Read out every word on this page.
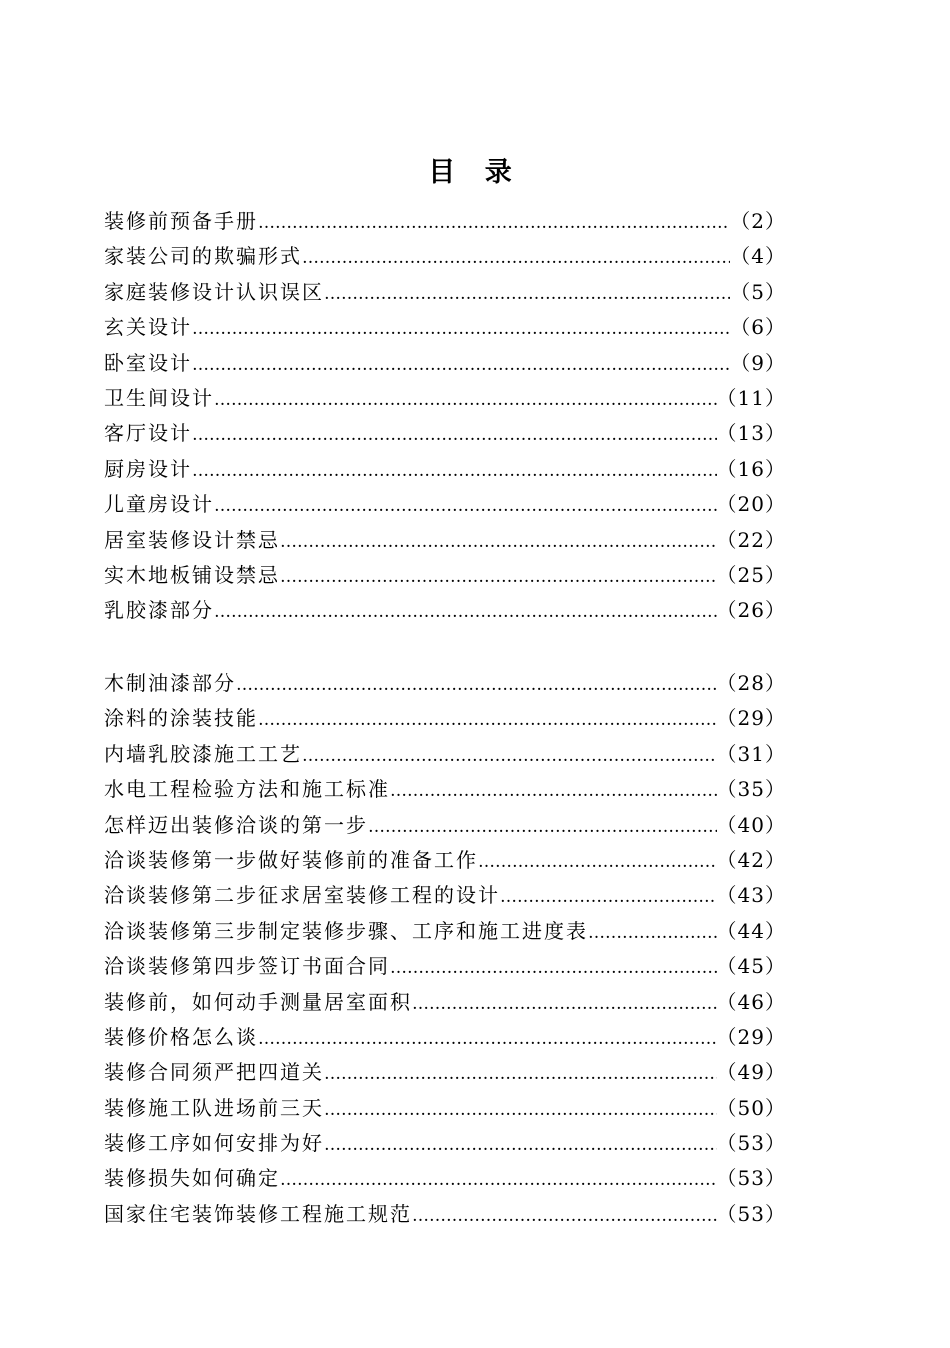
目 录
装修前预备手册 ……………………………………………………………………………………………………………………………………………………………………………………………………	（2）
家装公司的欺骗形式 ……………………………………………………………………………………………………………………………………………………………………………………………………	（4）
家庭装修设计认识误区 ……………………………………………………………………………………………………………………………………………………………………………………………………	（5）
玄关设计 ……………………………………………………………………………………………………………………………………………………………………………………………………	（6）
卧室设计 ……………………………………………………………………………………………………………………………………………………………………………………………………	（9）
卫生间设计 ……………………………………………………………………………………………………………………………………………………………………………………………………	（11）
客厅设计 ……………………………………………………………………………………………………………………………………………………………………………………………………	（13）
厨房设计 ……………………………………………………………………………………………………………………………………………………………………………………………………	（16）
儿童房设计 ……………………………………………………………………………………………………………………………………………………………………………………………………	（20）
居室装修设计禁忌 ……………………………………………………………………………………………………………………………………………………………………………………………………	（22）
实木地板铺设禁忌 ……………………………………………………………………………………………………………………………………………………………………………………………………	（25）
乳胶漆部分 ……………………………………………………………………………………………………………………………………………………………………………………………………	（26）
木制油漆部分 ……………………………………………………………………………………………………………………………………………………………………………………………………	（28）
涂料的涂装技能 ……………………………………………………………………………………………………………………………………………………………………………………………………	（29）
内墙乳胶漆施工工艺 ……………………………………………………………………………………………………………………………………………………………………………………………………	（31）
水电工程检验方法和施工标准 ……………………………………………………………………………………………………………………………………………………………………………………………………	（35）
怎样迈出装修洽谈的第一步 ……………………………………………………………………………………………………………………………………………………………………………………………………	（40）
洽谈装修第一步做好装修前的准备工作 ……………………………………………………………………………………………………………………………………………………………………………………………………	（42）
洽谈装修第二步征求居室装修工程的设计 ……………………………………………………………………………………………………………………………………………………………………………………………………	（43）
洽谈装修第三步制定装修步骤、工序和施工进度表 ……………………………………………………………………………………………………………………………………………………………………………………………………	（44）
洽谈装修第四步签订书面合同 ……………………………………………………………………………………………………………………………………………………………………………………………………	（45）
装修前，如何动手测量居室面积 ……………………………………………………………………………………………………………………………………………………………………………………………………	（46）
装修价格怎么谈 ……………………………………………………………………………………………………………………………………………………………………………………………………	（29）
装修合同须严把四道关 ……………………………………………………………………………………………………………………………………………………………………………………………………	（49）
装修施工队进场前三天 ……………………………………………………………………………………………………………………………………………………………………………………………………	（50）
装修工序如何安排为好 ……………………………………………………………………………………………………………………………………………………………………………………………………	（53）
装修损失如何确定 ……………………………………………………………………………………………………………………………………………………………………………………………………	（53）
国家住宅装饰装修工程施工规范 ……………………………………………………………………………………………………………………………………………………………………………………………………	（53）
